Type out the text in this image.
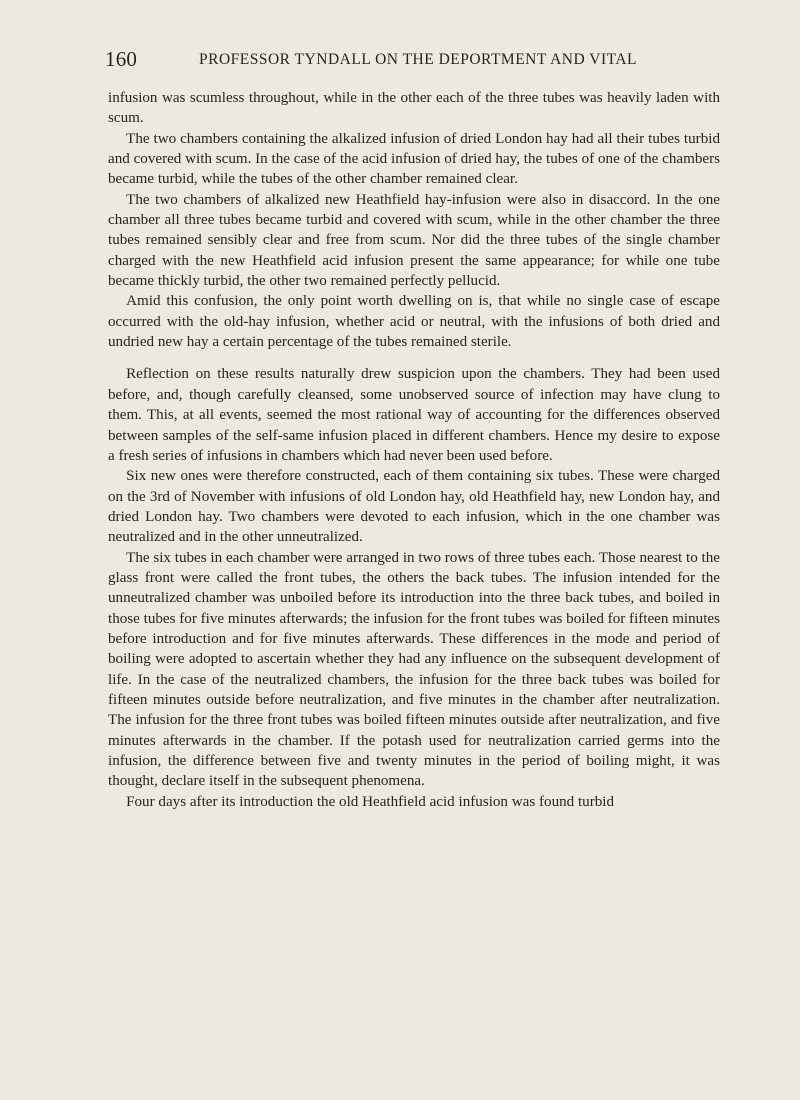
160	PROFESSOR TYNDALL ON THE DEPORTMENT AND VITAL

infusion was scumless throughout, while in the other each of the three tubes was heavily laden with scum.

The two chambers containing the alkalized infusion of dried London hay had all their tubes turbid and covered with scum. In the case of the acid infusion of dried hay, the tubes of one of the chambers became turbid, while the tubes of the other chamber remained clear.

The two chambers of alkalized new Heathfield hay-infusion were also in disaccord. In the one chamber all three tubes became turbid and covered with scum, while in the other chamber the three tubes remained sensibly clear and free from scum. Nor did the three tubes of the single chamber charged with the new Heathfield acid infusion present the same appearance; for while one tube became thickly turbid, the other two remained perfectly pellucid.

Amid this confusion, the only point worth dwelling on is, that while no single case of escape occurred with the old-hay infusion, whether acid or neutral, with the infusions of both dried and undried new hay a certain percentage of the tubes remained sterile.

Reflection on these results naturally drew suspicion upon the chambers. They had been used before, and, though carefully cleansed, some unobserved source of infection may have clung to them. This, at all events, seemed the most rational way of accounting for the differences observed between samples of the self-same infusion placed in different chambers. Hence my desire to expose a fresh series of infusions in chambers which had never been used before.

Six new ones were therefore constructed, each of them containing six tubes. These were charged on the 3rd of November with infusions of old London hay, old Heathfield hay, new London hay, and dried London hay. Two chambers were devoted to each infusion, which in the one chamber was neutralized and in the other unneutralized.

The six tubes in each chamber were arranged in two rows of three tubes each. Those nearest to the glass front were called the front tubes, the others the back tubes. The infusion intended for the unneutralized chamber was unboiled before its introduction into the three back tubes, and boiled in those tubes for five minutes afterwards; the infusion for the front tubes was boiled for fifteen minutes before introduction and for five minutes afterwards. These differences in the mode and period of boiling were adopted to ascertain whether they had any influence on the subsequent development of life. In the case of the neutralized chambers, the infusion for the three back tubes was boiled for fifteen minutes outside before neutralization, and five minutes in the chamber after neutralization. The infusion for the three front tubes was boiled fifteen minutes outside after neutralization, and five minutes afterwards in the chamber. If the potash used for neutralization carried germs into the infusion, the difference between five and twenty minutes in the period of boiling might, it was thought, declare itself in the subsequent phenomena.

Four days after its introduction the old Heathfield acid infusion was found turbid
